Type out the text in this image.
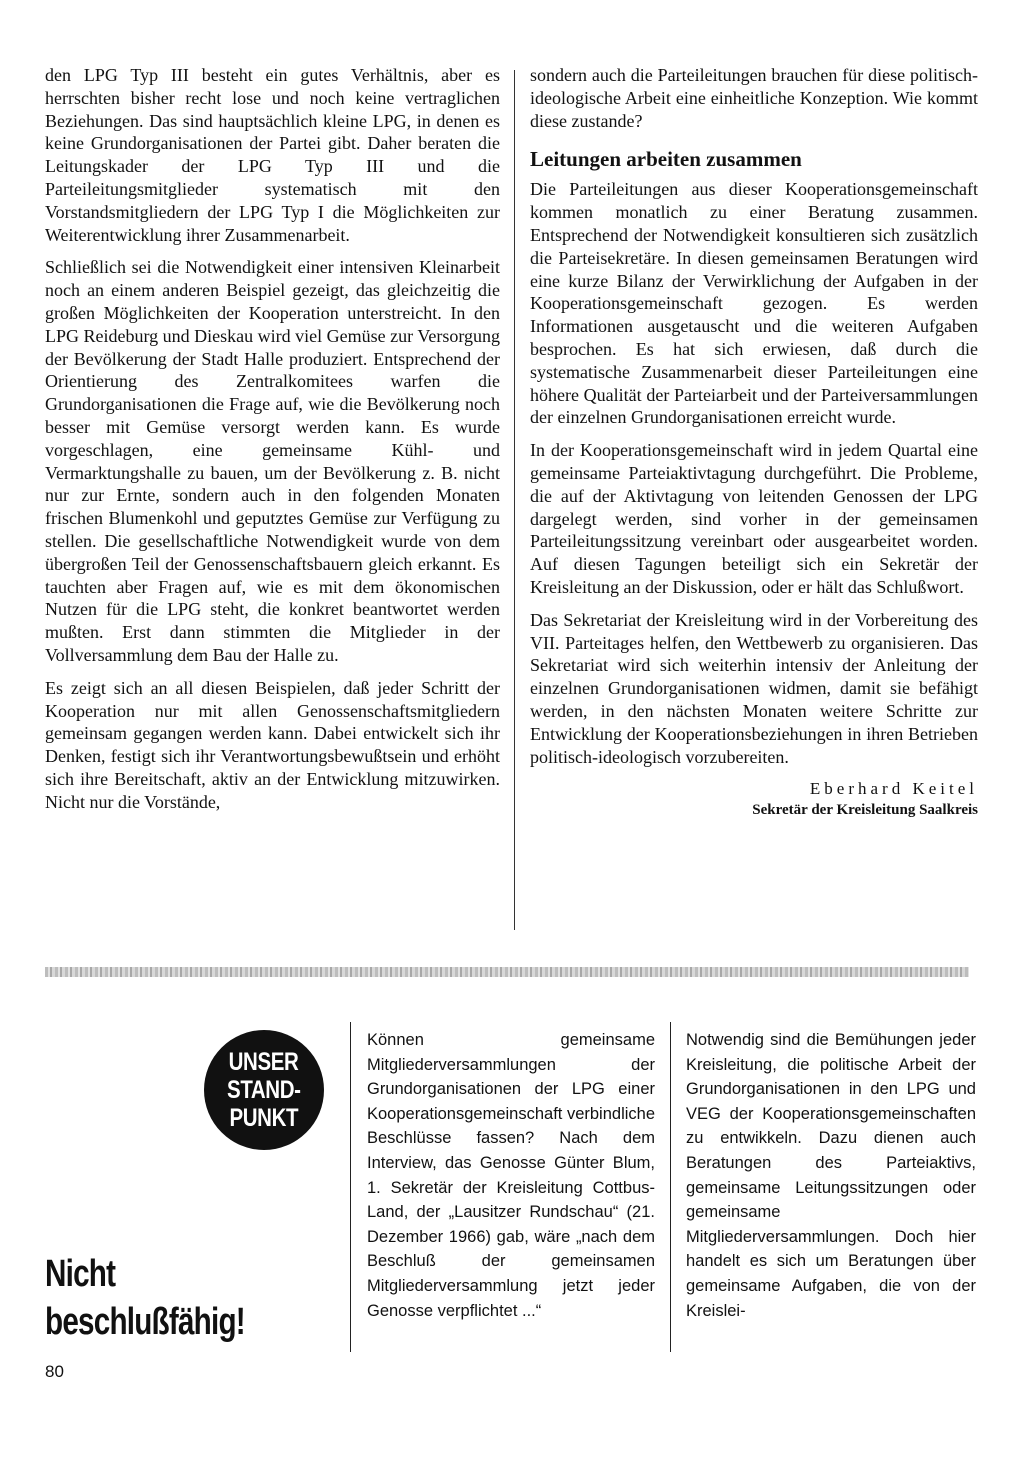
den LPG Typ III besteht ein gutes Verhältnis, aber es herrschten bisher recht lose und noch keine vertraglichen Beziehungen. Das sind hauptsächlich kleine LPG, in denen es keine Grundorganisationen der Partei gibt. Daher beraten die Leitungskader der LPG Typ III und die Parteileitungsmitglieder systematisch mit den Vorstandsmitgliedern der LPG Typ I die Möglichkeiten zur Weiterentwicklung ihrer Zusammenarbeit.

Schließlich sei die Notwendigkeit einer intensiven Kleinarbeit noch an einem anderen Beispiel gezeigt, das gleichzeitig die großen Möglichkeiten der Kooperation unterstreicht. In den LPG Reideburg und Dieskau wird viel Gemüse zur Versorgung der Bevölkerung der Stadt Halle produziert. Entsprechend der Orientierung des Zentralkomitees warfen die Grundorganisationen die Frage auf, wie die Bevölkerung noch besser mit Gemüse versorgt werden kann. Es wurde vorgeschlagen, eine gemeinsame Kühl- und Vermarktungshalle zu bauen, um der Bevölkerung z. B. nicht nur zur Ernte, sondern auch in den folgenden Monaten frischen Blumenkohl und geputztes Gemüse zur Verfügung zu stellen. Die gesellschaftliche Notwendigkeit wurde von dem übergroßen Teil der Genossenschaftsbauern gleich erkannt. Es tauchten aber Fragen auf, wie es mit dem ökonomischen Nutzen für die LPG steht, die konkret beantwortet werden mußten. Erst dann stimmten die Mitglieder in der Vollversammlung dem Bau der Halle zu.

Es zeigt sich an all diesen Beispielen, daß jeder Schritt der Kooperation nur mit allen Genossenschaftsmitgliedern gemeinsam gegangen werden kann. Dabei entwickelt sich ihr Denken, festigt sich ihr Verantwortungsbewußtsein und erhöht sich ihre Bereitschaft, aktiv an der Entwicklung mitzuwirken. Nicht nur die Vorstände,

sondern auch die Parteileitungen brauchen für diese politisch-ideologische Arbeit eine einheitliche Konzeption. Wie kommt diese zustande?

Leitungen arbeiten zusammen

Die Parteileitungen aus dieser Kooperationsgemeinschaft kommen monatlich zu einer Beratung zusammen. Entsprechend der Notwendigkeit konsultieren sich zusätzlich die Parteisekretäre. In diesen gemeinsamen Beratungen wird eine kurze Bilanz der Verwirklichung der Aufgaben in der Kooperationsgemeinschaft gezogen. Es werden Informationen ausgetauscht und die weiteren Aufgaben besprochen. Es hat sich erwiesen, daß durch die systematische Zusammenarbeit dieser Parteileitungen eine höhere Qualität der Parteiarbeit und der Parteiversammlungen der einzelnen Grundorganisationen erreicht wurde.

In der Kooperationsgemeinschaft wird in jedem Quartal eine gemeinsame Parteiaktivtagung durchgeführt. Die Probleme, die auf der Aktivtagung von leitenden Genossen der LPG dargelegt werden, sind vorher in der gemeinsamen Parteileitungssitzung vereinbart oder ausgearbeitet worden. Auf diesen Tagungen beteiligt sich ein Sekretär der Kreisleitung an der Diskussion, oder er hält das Schlußwort.

Das Sekretariat der Kreisleitung wird in der Vorbereitung des VII. Parteitages helfen, den Wettbewerb zu organisieren. Das Sekretariat wird sich weiterhin intensiv der Anleitung der einzelnen Grundorganisationen widmen, damit sie befähigt werden, in den nächsten Monaten weitere Schritte zur Entwicklung der Kooperationsbeziehungen in ihren Betrieben politisch-ideologisch vorzubereiten.

Eberhard Keitel
Sekretär der Kreisleitung Saalkreis
UNSER
STAND-
PUNKT
Nicht
beschlußfähig!
Können gemeinsame Mitgliederversammlungen der Grundorganisationen der LPG einer Kooperationsgemeinschaft verbindliche Beschlüsse fassen? Nach dem Interview, das Genosse Günter Blum, 1. Sekretär der Kreisleitung Cottbus-Land, der „Lausitzer Rundschau“ (21. Dezember 1966) gab, wäre „nach dem Beschluß der gemeinsamen Mitgliederversammlung jetzt jeder Genosse verpflichtet ...“
Notwendig sind die Bemühungen jeder Kreisleitung, die politische Arbeit der Grundorganisationen in den LPG und VEG der Kooperationsgemeinschaften zu entwikkeln. Dazu dienen auch Beratungen des Parteiaktivs, gemeinsame Leitungssitzungen oder gemeinsame Mitgliederversammlungen. Doch hier handelt es sich um Beratungen über gemeinsame Aufgaben, die von der Kreislei-
80
